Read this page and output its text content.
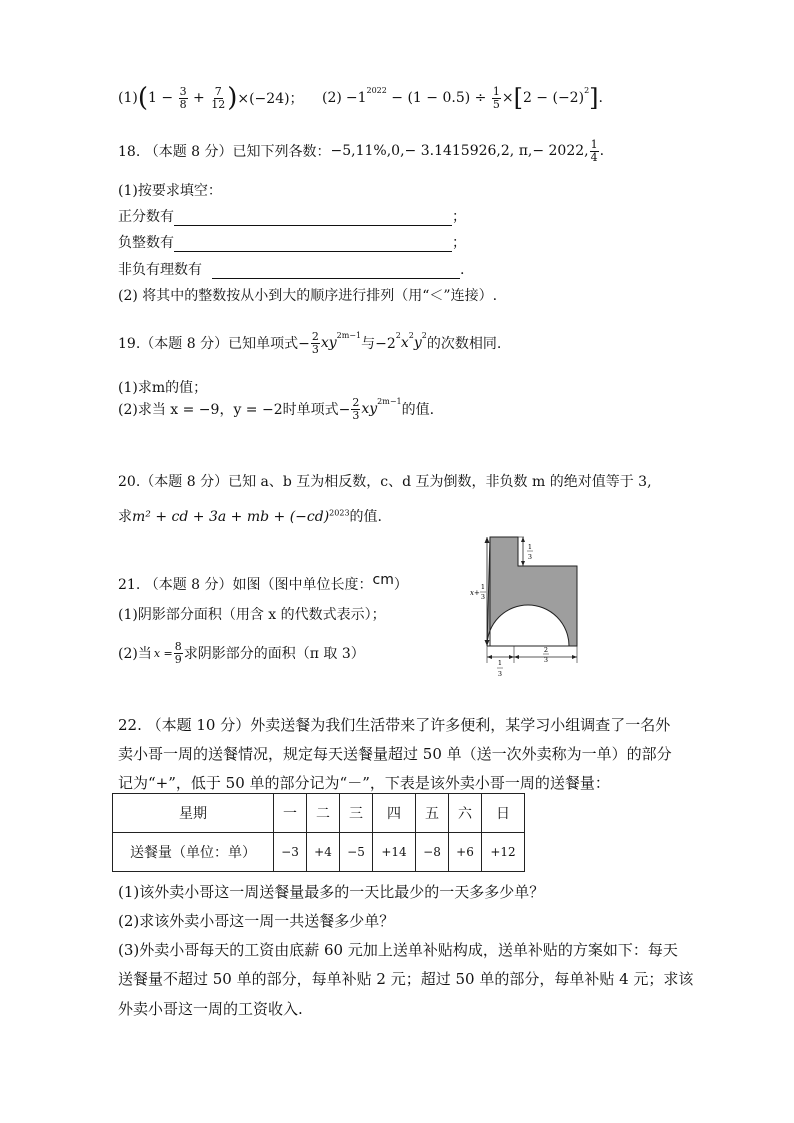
(1) ( $1 - \frac{3}{8} + \frac{7}{12}$ ) ×(−24)； $(2) -1^{2022} - (1 - 0.5) \div \frac{1}{5}$ × [ $2 - (-2)^2$ ] .
18. （本题 8 分）已知下列各数： −5,11%,0,− 3.1415926,2, π,− 2022, $\frac{1}{4}$ .
(1)按要求填空：
正分数有	；
负整数有	；
非负有理数有	.
(2) 将其中的整数按从小到大的顺序进行排列（用“＜”连接）.
19.（本题 8 分）已知单项式− $\frac{2}{3} xy^{2m-1}$
与−2
$^2$ $x^2$ $y^2$
的次数相同.
(1)求m的值；
(2)求当 x = −9，y = −2时单项式− $\frac{2}{3} xy^{2m-1}$
的值.
20.（本题 8 分）已知 a、b 互为相反数，c、d 互为倒数，非负数 m 的绝对值等于 3,
求m² + cd + 3a + mb + $(-cd)^{2023}$的值.
21. （本题 8 分）如图（图中单位长度：cm）
(1)阴影部分面积（用含 x 的代数式表示）；
(2)当 $x = \frac{8}{9}$ 求阴影部分的面积（π 取 3）
x+
1
3
1
3
1
3
2
3
22. （本题 10 分）外卖送餐为我们生活带来了许多便利，某学习小组调查了一名外
卖小哥一周的送餐情况，规定每天送餐量超过 50 单（送一次外卖称为一单）的部分
记为“+”，低于 50 单的部分记为“－”，下表是该外卖小哥一周的送餐量：
星期	一	二	三	四	五	六	日
送餐量（单位：单）	−3	+4	−5	+14	−8	+6	+12
(1)该外卖小哥这一周送餐量最多的一天比最少的一天多多少单？
(2)求该外卖小哥这一周一共送餐多少单？
(3)外卖小哥每天的工资由底薪 60 元加上送单补贴构成，送单补贴的方案如下：每天
送餐量不超过 50 单的部分，每单补贴 2 元；超过 50 单的部分，每单补贴 4 元；求该
外卖小哥这一周的工资收入.
